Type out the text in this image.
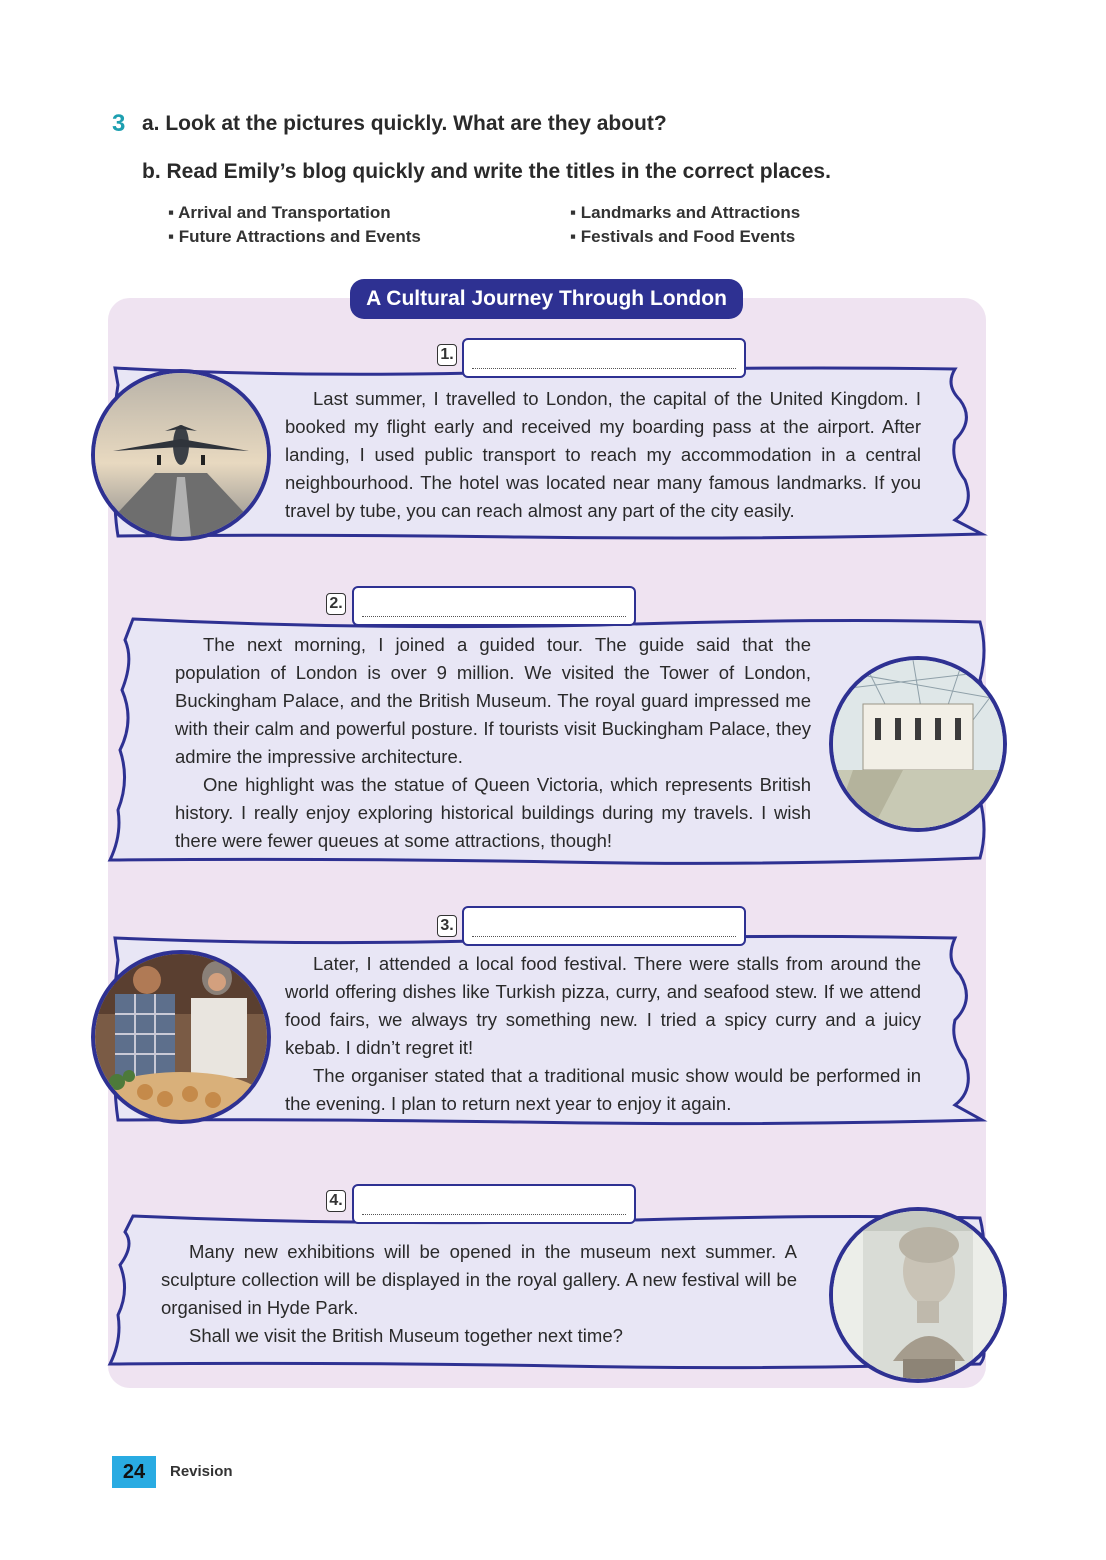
3 a. Look at the pictures quickly. What are they about?
b. Read Emily’s blog quickly and write the titles in the correct places.
▪ Arrival and Transportation	▪ Landmarks and Attractions
▪ Future Attractions and Events	▪ Festivals and Food Events
A Cultural Journey Through London
1.

Last summer, I travelled to London, the capital of the United Kingdom. I booked my flight early and received my boarding pass at the airport. After landing, I used public transport to reach my accommodation in a central neighbourhood. The hotel was located near many famous landmarks. If you travel by tube, you can reach almost any part of the city easily.

2.

The next morning, I joined a guided tour. The guide said that the population of London is over 9 million. We visited the Tower of London, Buckingham Palace, and the British Museum. The royal guard impressed me with their calm and powerful posture. If tourists visit Buckingham Palace, they admire the impressive architecture.

One highlight was the statue of Queen Victoria, which represents British history. I really enjoy exploring historical buildings during my travels. I wish there were fewer queues at some attractions, though!

3.

Later, I attended a local food festival. There were stalls from around the world offering dishes like Turkish pizza, curry, and seafood stew. If we attend food fairs, we always try something new. I tried a spicy curry and a juicy kebab. I didn’t regret it!

The organiser stated that a traditional music show would be performed in the evening. I plan to return next year to enjoy it again.

4.

Many new exhibitions will be opened in the museum next summer. A sculpture collection will be displayed in the royal gallery. A new festival will be organised in Hyde Park.

Shall we visit the British Museum together next time?

24	Revision
